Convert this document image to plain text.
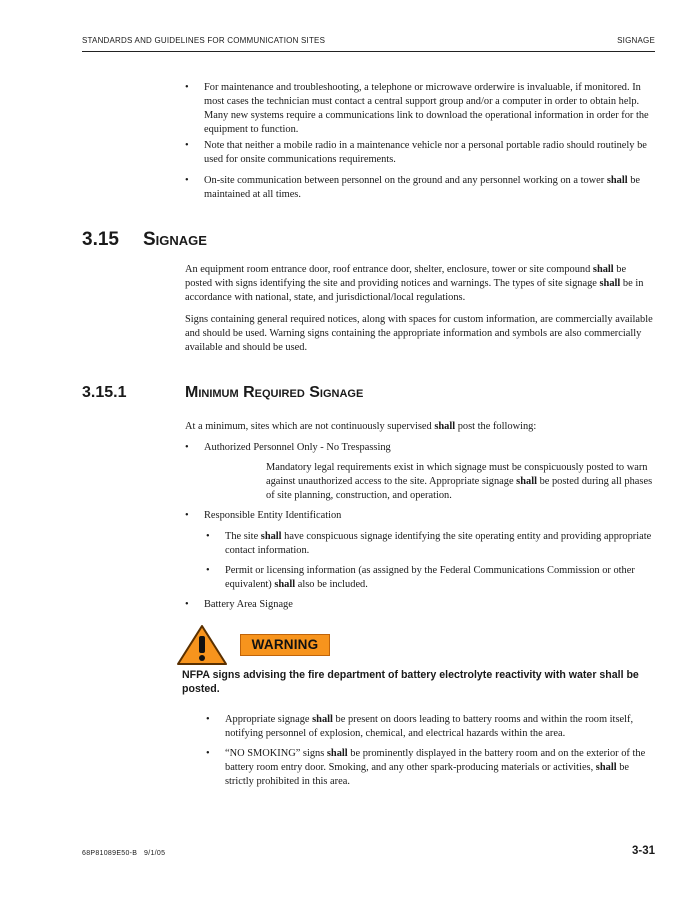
STANDARDS AND GUIDELINES FOR COMMUNICATION SITES	SIGNAGE
• For maintenance and troubleshooting, a telephone or microwave orderwire is invaluable, if monitored. In most cases the technician must contact a central support group and/or a computer in order to obtain help. Many new systems require a communications link to download the operational information in order for the equipment to function.

• Note that neither a mobile radio in a maintenance vehicle nor a personal portable radio should routinely be used for onsite communications requirements.

• On-site communication between personnel on the ground and any personnel working on a tower shall be maintained at all times.

3.15 Signage

An equipment room entrance door, roof entrance door, shelter, enclosure, tower or site compound shall be posted with signs identifying the site and providing notices and warnings. The types of site signage shall be in accordance with national, state, and jurisdictional/local regulations.

Signs containing general required notices, along with spaces for custom information, are commercially available and should be used. Warning signs containing the appropriate information and symbols are also commercially available and should be used.

3.15.1	Minimum Required Signage

At a minimum, sites which are not continuously supervised shall post the following:

• Authorized Personnel Only - No Trespassing

Mandatory legal requirements exist in which signage must be conspicuously posted to warn against unauthorized access to the site. Appropriate signage shall be posted during all phases of site planning, construction, and operation.

• Responsible Entity Identification

• The site shall have conspicuous signage identifying the site operating entity and providing appropriate contact information.

• Permit or licensing information (as assigned by the Federal Communications Commission or other equivalent) shall also be included.

• Battery Area Signage

WARNING
NFPA signs advising the fire department of battery electrolyte reactivity with water shall be posted.
• Appropriate signage shall be present on doors leading to battery rooms and within the room itself, notifying personnel of explosion, chemical, and electrical hazards within the area.

• “NO SMOKING” signs shall be prominently displayed in the battery room and on the exterior of the battery room entry door. Smoking, and any other spark-producing materials or activities, shall be strictly prohibited in this area.

68P81089E50-B 9/1/05	3-31
